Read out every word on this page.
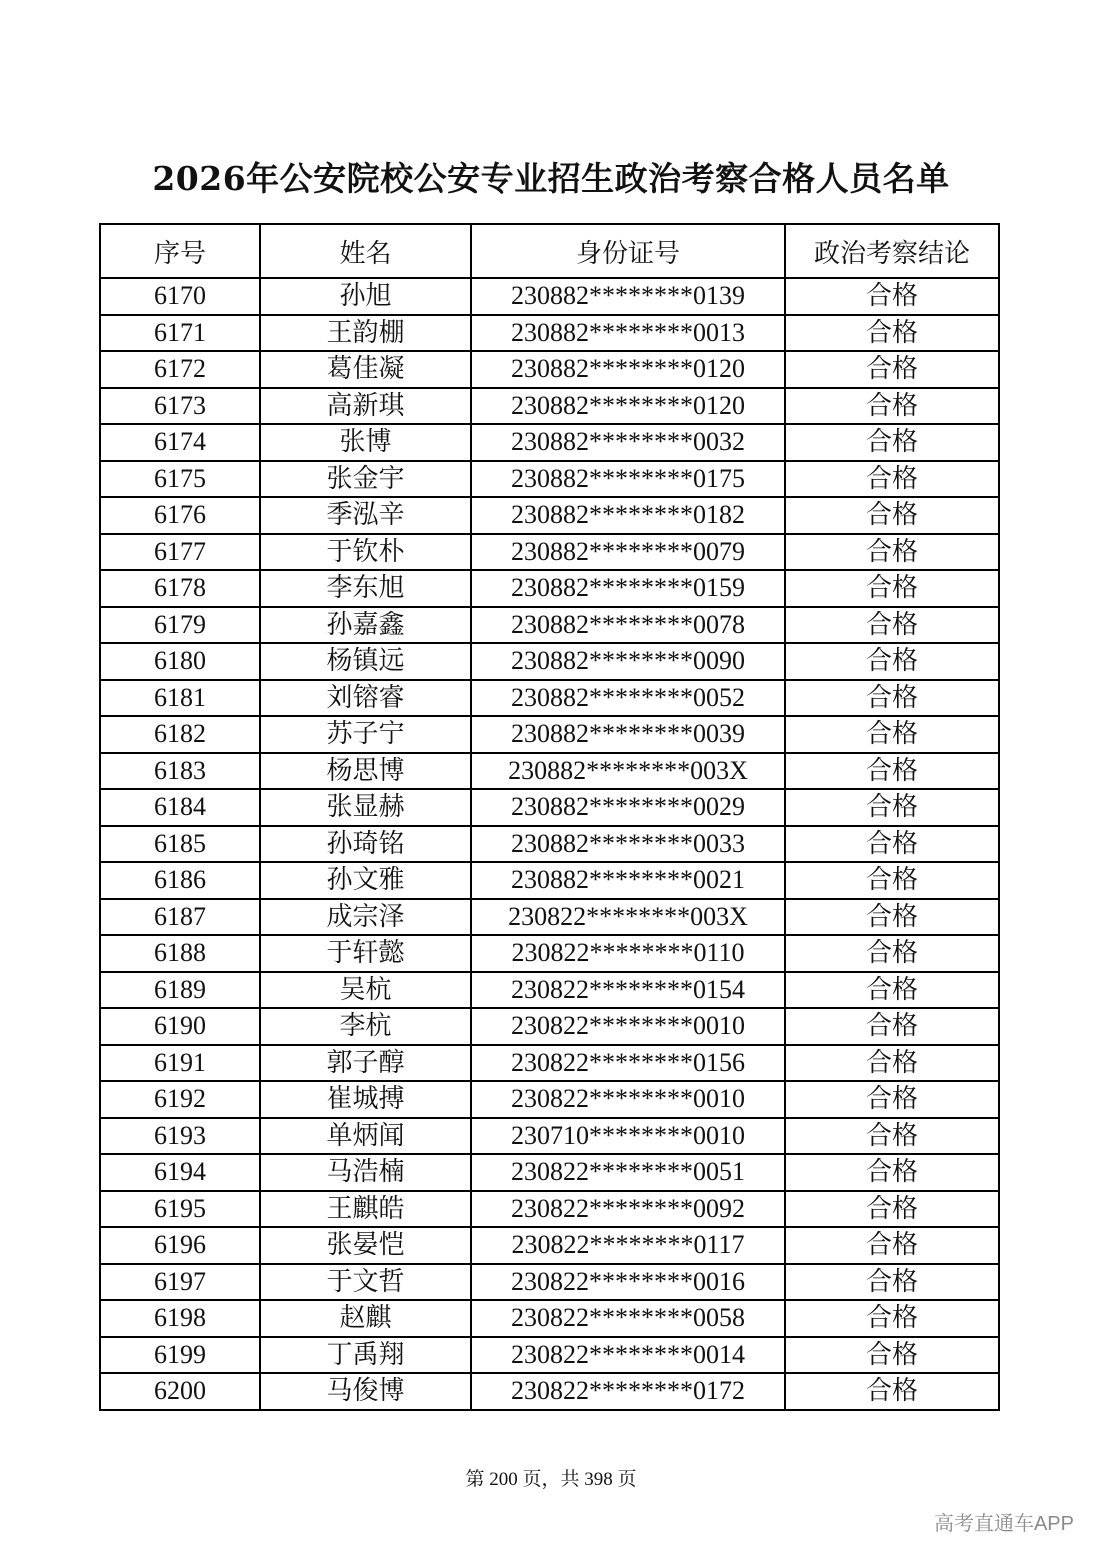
2026年公安院校公安专业招生政治考察合格人员名单
序号	姓名	身份证号	政治考察结论
6170	孙旭	230882********0139	合格
6171	王韵棚	230882********0013	合格
6172	葛佳凝	230882********0120	合格
6173	高新琪	230882********0120	合格
6174	张博	230882********0032	合格
6175	张金宇	230882********0175	合格
6176	季泓辛	230882********0182	合格
6177	于钦朴	230882********0079	合格
6178	李东旭	230882********0159	合格
6179	孙嘉鑫	230882********0078	合格
6180	杨镇远	230882********0090	合格
6181	刘镕睿	230882********0052	合格
6182	苏子宁	230882********0039	合格
6183	杨思博	230882********003X	合格
6184	张显赫	230882********0029	合格
6185	孙琦铭	230882********0033	合格
6186	孙文雅	230882********0021	合格
6187	成宗泽	230822********003X	合格
6188	于轩懿	230822********0110	合格
6189	吴杭	230822********0154	合格
6190	李杭	230822********0010	合格
6191	郭子醇	230822********0156	合格
6192	崔城搏	230822********0010	合格
6193	单炳闻	230710********0010	合格
6194	马浩楠	230822********0051	合格
6195	王麒皓	230822********0092	合格
6196	张晏恺	230822********0117	合格
6197	于文哲	230822********0016	合格
6198	赵麒	230822********0058	合格
6199	丁禹翔	230822********0014	合格
6200	马俊博	230822********0172	合格
第 200 页，共 398 页
高考直通车APP
